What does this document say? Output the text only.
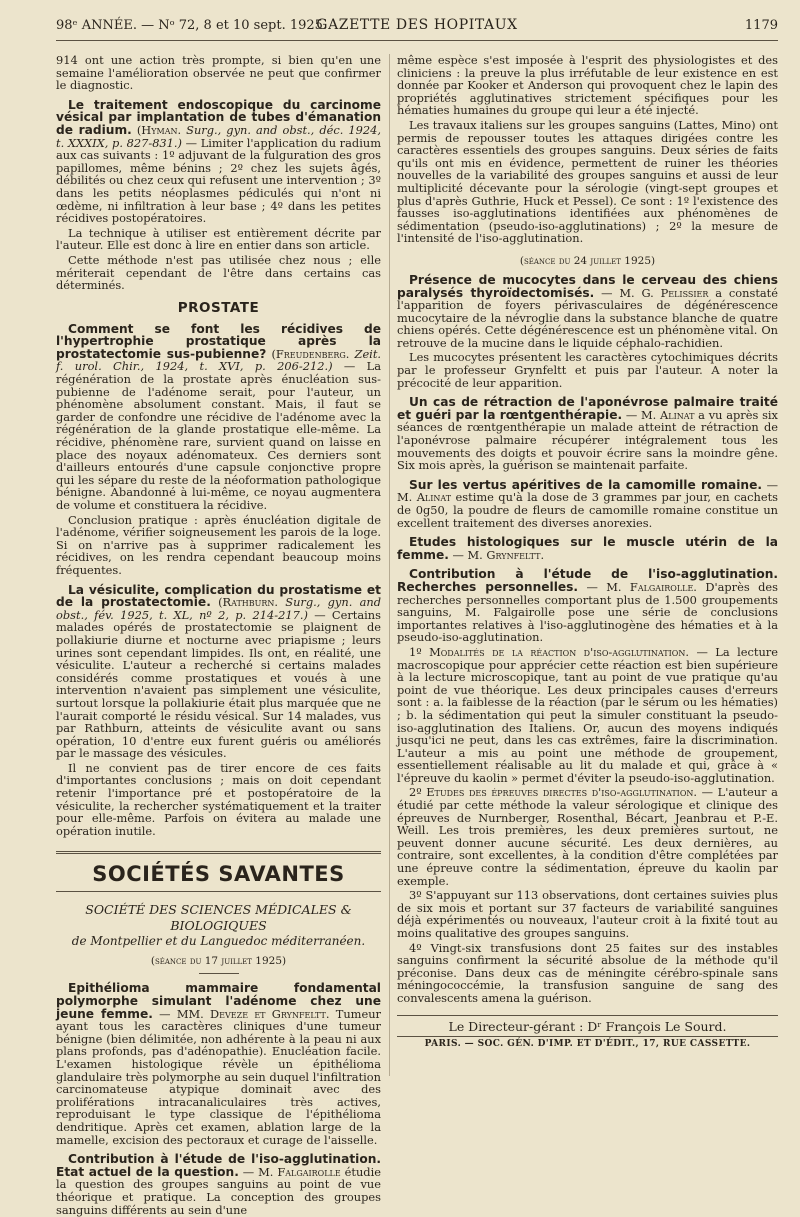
98ᵉ ANNÉE. — Nᵒ 72, 8 et 10 sept. 1925.
GAZETTE DES HOPITAUX	1179

914 ont une action très prompte, si bien qu'en une semaine l'amélioration observée ne peut que confirmer le diagnostic.

Le traitement endoscopique du carcinome vésical par implantation de tubes d'émanation de radium. (Hyman. Surg., gyn. and obst., déc. 1924, t. XXXIX, p. 827-831.) — Limiter l'application du radium aux cas suivants : 1º adjuvant de la fulguration des gros papillomes, même bénins ; 2º chez les sujets âgés, débilités ou chez ceux qui refusent une intervention ; 3º dans les petits néoplasmes pédiculés qui n'ont ni œdème, ni infiltration à leur base ; 4º dans les petites récidives postopératoires.

La technique à utiliser est entièrement décrite par l'auteur. Elle est donc à lire en entier dans son article.

Cette méthode n'est pas utilisée chez nous ; elle mériterait cependant de l'être dans certains cas déterminés.

PROSTATE

Comment se font les récidives de l'hypertrophie prostatique après la prostatectomie sus-pubienne? (Freudenberg. Zeit. f. urol. Chir., 1924, t. XVI, p. 206-212.) — La régénération de la prostate après énucléation sus-pubienne de l'adénome serait, pour l'auteur, un phénomène absolument constant. Mais, il faut se garder de confondre une récidive de l'adénome avec la régénération de la glande prostatique elle-même. La récidive, phénomène rare, survient quand on laisse en place des noyaux adénomateux. Ces derniers sont d'ailleurs entourés d'une capsule conjonctive propre qui les sépare du reste de la néoformation pathologique bénigne. Abandonné à lui-même, ce noyau augmentera de volume et constituera la récidive.

Conclusion pratique : après énucléation digitale de l'adénome, vérifier soigneusement les parois de la loge. Si on n'arrive pas à supprimer radicalement les récidives, on les rendra cependant beaucoup moins fréquentes.

La vésiculite, complication du prostatisme et de la prostatectomie. (Rathburn. Surg., gyn. and obst., fév. 1925, t. XL, nº 2, p. 214-217.) — Certains malades opérés de prostatectomie se plaignent de pollakiurie diurne et nocturne avec priapisme ; leurs urines sont cependant limpides. Ils ont, en réalité, une vésiculite. L'auteur a recherché si certains malades considérés comme prostatiques et voués à une intervention n'avaient pas simplement une vésiculite, surtout lorsque la pollakiurie était plus marquée que ne l'aurait comporté le résidu vésical. Sur 14 malades, vus par Rathburn, atteints de vésiculite avant ou sans opération, 10 d'entre eux furent guéris ou améliorés par le massage des vésicules.

Il ne convient pas de tirer encore de ces faits d'importantes conclusions ; mais on doit cependant retenir l'importance pré et postopératoire de la vésiculite, la rechercher systématiquement et la traiter pour elle-même. Parfois on évitera au malade une opération inutile.

SOCIÉTÉS SAVANTES
SOCIÉTÉ DES SCIENCES MÉDICALES & BIOLOGIQUES
de Montpellier et du Languedoc méditerranéen.
(séance du 17 juillet 1925)

Epithélioma mammaire fondamental polymorphe simulant l'adénome chez une jeune femme. — MM. Deveze et Grynfeltt. Tumeur ayant tous les caractères cliniques d'une tumeur bénigne (bien délimitée, non adhérente à la peau ni aux plans profonds, pas d'adénopathie). Enucléation facile. L'examen histologique révèle un épithélioma glandulaire très polymorphe au sein duquel l'infiltration carcinomateuse atypique dominait avec des proliférations intracanaliculaires très actives, reproduisant le type classique de l'épithélioma dendritique. Après cet examen, ablation large de la mamelle, excision des pectoraux et curage de l'aisselle.

Contribution à l'étude de l'iso-agglutination. Etat actuel de la question. — M. Falgairolle étudie la question des groupes sanguins au point de vue théorique et pratique. La conception des groupes sanguins différents au sein d'une

même espèce s'est imposée à l'esprit des physiologistes et des cliniciens : la preuve la plus irréfutable de leur existence en est donnée par Kooker et Anderson qui provoquent chez le lapin des propriétés agglutinatives strictement spécifiques pour les hématies humaines du groupe qui leur a été injecté.

Les travaux italiens sur les groupes sanguins (Lattes, Mino) ont permis de repousser toutes les attaques dirigées contre les caractères essentiels des groupes sanguins. Deux séries de faits qu'ils ont mis en évidence, permettent de ruiner les théories nouvelles de la variabilité des groupes sanguins et aussi de leur multiplicité décevante pour la sérologie (vingt-sept groupes et plus d'après Guthrie, Huck et Pessel). Ce sont : 1º l'existence des fausses iso-agglutinations identifiées aux phénomènes de sédimentation (pseudo-iso-agglutinations) ; 2º la mesure de l'intensité de l'iso-agglutination.

(séance du 24 juillet 1925)

Présence de mucocytes dans le cerveau des chiens paralysés thyroïdectomisés. — M. G. Pelissier a constaté l'apparition de foyers périvasculaires de dégénérescence mucocytaire de la névroglie dans la substance blanche de quatre chiens opérés. Cette dégénérescence est un phénomène vital. On retrouve de la mucine dans le liquide céphalo-rachidien.

Les mucocytes présentent les caractères cytochimiques décrits par le professeur Grynfeltt et puis par l'auteur. A noter la précocité de leur apparition.

Un cas de rétraction de l'aponévrose palmaire traité et guéri par la rœntgenthérapie. — M. Alinat a vu après six séances de rœntgenthérapie un malade atteint de rétraction de l'aponévrose palmaire récupérer intégralement tous les mouvements des doigts et pouvoir écrire sans la moindre gêne. Six mois après, la guérison se maintenait parfaite.

Sur les vertus apéritives de la camomille romaine. — M. Alinat estime qu'à la dose de 3 grammes par jour, en cachets de 0g50, la poudre de fleurs de camomille romaine constitue un excellent traitement des diverses anorexies.

Etudes histologiques sur le muscle utérin de la femme. — M. Grynfeltt.

Contribution à l'étude de l'iso-agglutination. Recherches personnelles. — M. Falgairolle. D'après des recherches personnelles comportant plus de 1.500 groupements sanguins, M. Falgairolle pose une série de conclusions importantes relatives à l'iso-agglutinogène des hématies et à la pseudo-iso-agglutination.

1º Modalités de la réaction d'iso-agglutination. — La lecture macroscopique pour apprécier cette réaction est bien supérieure à la lecture microscopique, tant au point de vue pratique qu'au point de vue théorique. Les deux principales causes d'erreurs sont : a. la faiblesse de la réaction (par le sérum ou les hématies) ; b. la sédimentation qui peut la simuler constituant la pseudo-iso-agglutination des Italiens. Or, aucun des moyens indiqués jusqu'ici ne peut, dans les cas extrêmes, faire la discrimination. L'auteur a mis au point une méthode de groupement, essentiellement réalisable au lit du malade et qui, grâce à « l'épreuve du kaolin » permet d'éviter la pseudo-iso-agglutination.

2º Etudes des épreuves directes d'iso-agglutination. — L'auteur a étudié par cette méthode la valeur sérologique et clinique des épreuves de Nurnberger, Rosenthal, Bécart, Jeanbrau et P.-E. Weill. Les trois premières, les deux premières surtout, ne peuvent donner aucune sécurité. Les deux dernières, au contraire, sont excellentes, à la condition d'être complétées par une épreuve contre la sédimentation, épreuve du kaolin par exemple.

3º S'appuyant sur 113 observations, dont certaines suivies plus de six mois et portant sur 37 facteurs de variabilité sanguines déjà expérimentés ou nouveaux, l'auteur croit à la fixité tout au moins qualitative des groupes sanguins.

4º Vingt-six transfusions dont 25 faites sur des instables sanguins confirment la sécurité absolue de la méthode qu'il préconise. Dans deux cas de méningite cérébro-spinale sans méningococcémie, la transfusion sanguine de sang des convalescents amena la guérison.

Le Directeur-gérant : Dʳ François Le Sourd.
PARIS. — SOC. GÉN. D'IMP. ET D'ÉDIT., 17, RUE CASSETTE.
